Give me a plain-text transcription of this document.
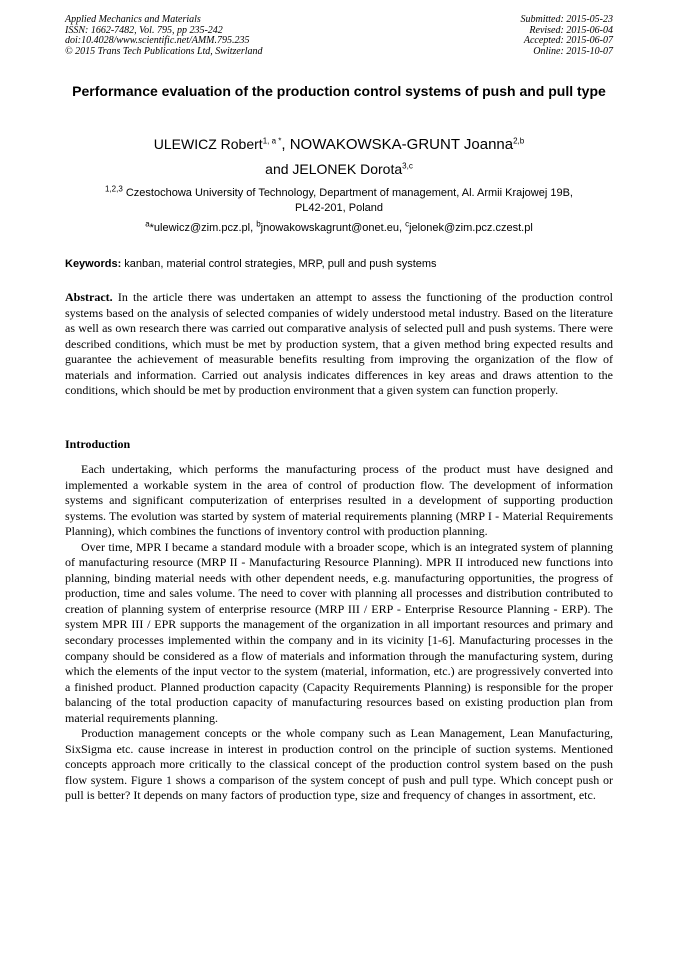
Applied Mechanics and Materials
ISSN: 1662-7482, Vol. 795, pp 235-242
doi:10.4028/www.scientific.net/AMM.795.235
© 2015 Trans Tech Publications Ltd, Switzerland
Submitted: 2015-05-23
Revised: 2015-06-04
Accepted: 2015-06-07
Online: 2015-10-07
Performance evaluation of the production control systems of push and pull type
ULEWICZ Robert$^{1, a *}$, NOWAKOWSKA-GRUNT Joanna$^{2,b}$
and JELONEK Dorota$^{3,c}$
$^{1,2,3}$ Czestochowa University of Technology, Department of management, Al. Armii Krajowej 19B,
PL42-201, Poland
$^a$*ulewicz@zim.pcz.pl, $^b$jnowakowskagrunt@onet.eu, $^c$jelonek@zim.pcz.czest.pl
Keywords: kanban, material control strategies, MRP, pull and push systems

Abstract. In the article there was undertaken an attempt to assess the functioning of the production control systems based on the analysis of selected companies of widely understood metal industry. Based on the literature as well as own research there was carried out comparative analysis of selected pull and push systems. There were described conditions, which must be met by production system, that a given method bring expected results and guarantee the achievement of measurable benefits resulting from improving the organization of the flow of materials and information. Carried out analysis indicates differences in key areas and draws attention to the conditions, which should be met by production environment that a given system can function properly.

Introduction

Each undertaking, which performs the manufacturing process of the product must have designed and implemented a workable system in the area of control of production flow. The development of information systems and significant computerization of enterprises resulted in a development of supporting production systems. The evolution was started by system of material requirements planning (MRP I - Material Requirements Planning), which combines the functions of inventory control with production planning.

Over time, MPR I became a standard module with a broader scope, which is an integrated system of planning of manufacturing resource (MRP II - Manufacturing Resource Planning). MPR II introduced new functions into planning, binding material needs with other dependent needs, e.g. manufacturing opportunities, the progress of production, time and sales volume. The need to cover with planning all processes and distribution contributed to creation of planning system of enterprise resource (MRP III / ERP - Enterprise Resource Planning - ERP). The system MPR III / EPR supports the management of the organization in all important resources and primary and secondary processes implemented within the company and in its vicinity [1-6]. Manufacturing processes in the company should be considered as a flow of materials and information through the manufacturing system, during which the elements of the input vector to the system (material, information, etc.) are progressively converted into a finished product. Planned production capacity (Capacity Requirements Planning) is responsible for the proper balancing of the total production capacity of manufacturing resources based on existing production plan from material requirements planning.

Production management concepts or the whole company such as Lean Management, Lean Manufacturing, SixSigma etc. cause increase in interest in production control on the principle of suction systems. Mentioned concepts approach more critically to the classical concept of the production control system based on the push flow system. Figure 1 shows a comparison of the system concept of push and pull type. Which concept push or pull is better? It depends on many factors of production type, size and frequency of changes in assortment, etc.
